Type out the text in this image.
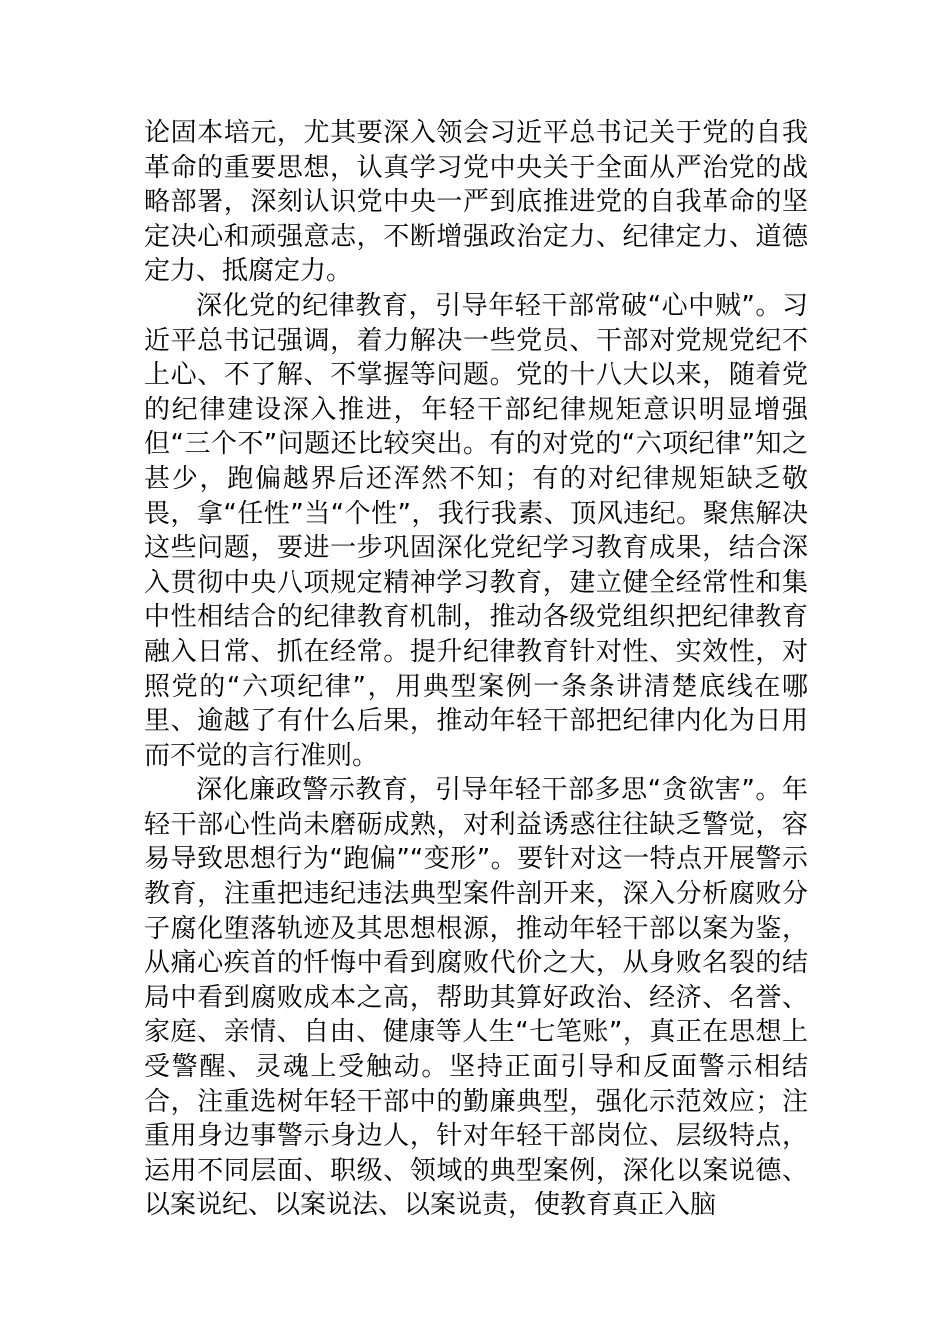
论固本培元，尤其要深入领会习近平总书记关于党的自我革命的重要思想，认真学习党中央关于全面从严治党的战略部署，深刻认识党中央一严到底推进党的自我革命的坚定决心和顽强意志，不断增强政治定力、纪律定力、道德定力、抵腐定力。

深化党的纪律教育，引导年轻干部常破“心中贼”。习近平总书记强调，着力解决一些党员、干部对党规党纪不上心、不了解、不掌握等问题。党的十八大以来，随着党的纪律建设深入推进，年轻干部纪律规矩意识明显增强但“三个不”问题还比较突出。有的对党的“六项纪律”知之甚少，跑偏越界后还浑然不知；有的对纪律规矩缺乏敬畏，拿“任性”当“个性”，我行我素、顶风违纪。聚焦解决这些问题，要进一步巩固深化党纪学习教育成果，结合深入贯彻中央八项规定精神学习教育，建立健全经常性和集中性相结合的纪律教育机制，推动各级党组织把纪律教育融入日常、抓在经常。提升纪律教育针对性、实效性，对照党的“六项纪律”，用典型案例一条条讲清楚底线在哪里、逾越了有什么后果，推动年轻干部把纪律内化为日用而不觉的言行准则。

深化廉政警示教育，引导年轻干部多思“贪欲害”。年轻干部心性尚未磨砺成熟，对利益诱惑往往缺乏警觉，容易导致思想行为“跑偏”“变形”。要针对这一特点开展警示教育，注重把违纪违法典型案件剖开来，深入分析腐败分子腐化堕落轨迹及其思想根源，推动年轻干部以案为鉴，从痛心疾首的忏悔中看到腐败代价之大，从身败名裂的结局中看到腐败成本之高，帮助其算好政治、经济、名誉、家庭、亲情、自由、健康等人生“七笔账”，真正在思想上受警醒、灵魂上受触动。坚持正面引导和反面警示相结合，注重选树年轻干部中的勤廉典型，强化示范效应；注重用身边事警示身边人，针对年轻干部岗位、层级特点，运用不同层面、职级、领域的典型案例，深化以案说德、以案说纪、以案说法、以案说责，使教育真正入脑
